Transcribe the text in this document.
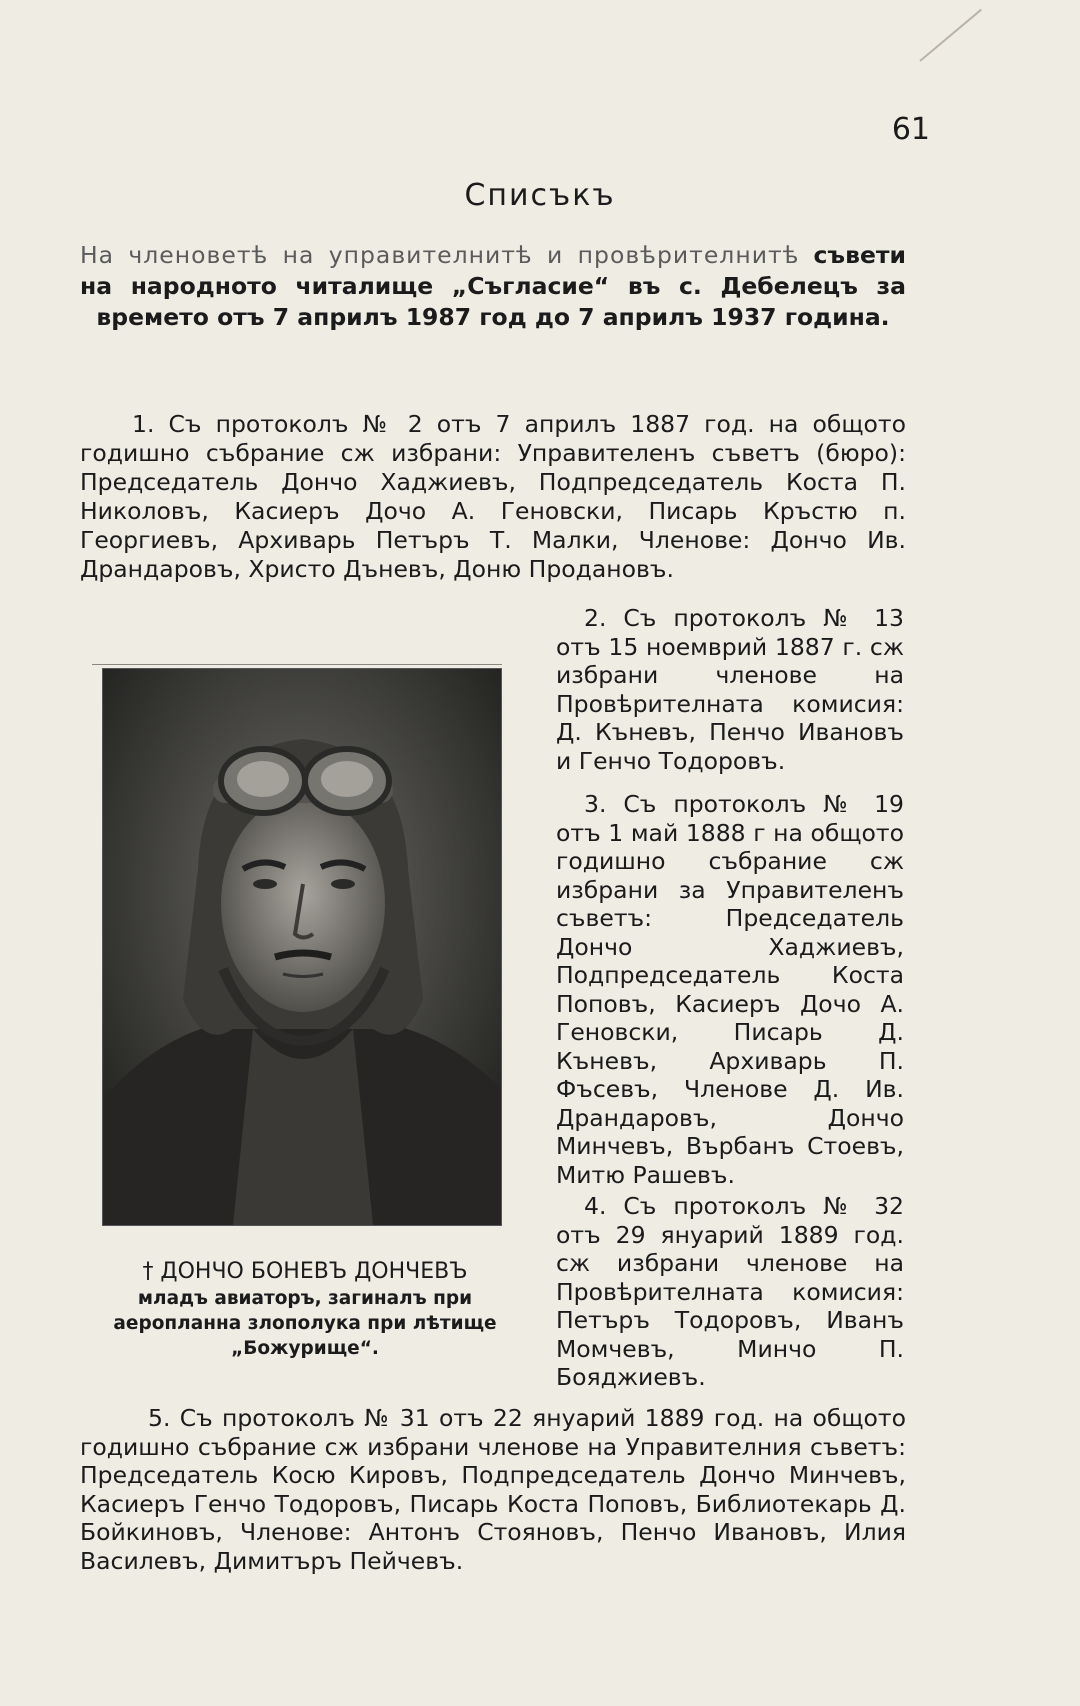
61
Списъкъ
На членоветѣ на управителнитѣ и провѣрителнитѣ съвети на народното читалище „Съгласие“ въ с. Дебелецъ за времето отъ 7 априлъ 1987 год до 7 априлъ 1937 година.
1. Съ протоколъ № 2 отъ 7 априлъ 1887 год. на общото годишно събрание сж избрани: Управителенъ съветъ (бюро): Председатель Дончо Хаджиевъ, Подпредседатель Коста П. Николовъ, Касиеръ Дочо А. Геновски, Писарь Кръстю п. Георгиевъ, Архиварь Петъръ Т. Малки, Членове: Дончо Ив. Драндаровъ, Христо Дъневъ, Доню Продановъ.
2. Съ протоколъ № 13 отъ 15 ноемврий 1887 г. сж избрани членове на Провѣрителната комисия: Д. Къневъ, Пенчо Ивановъ и Генчо Тодоровъ.
3. Съ протоколъ № 19 отъ 1 май 1888 г на общото годишно събрание сж избрани за Управителенъ съветъ: Председатель Дончо Хаджиевъ, Подпредседатель Коста Поповъ, Касиеръ Дочо А. Геновски, Писарь Д. Къневъ, Архиварь П. Фъсевъ, Членове Д. Ив. Драндаровъ, Дончо Минчевъ, Върбанъ Стоевъ, Митю Рашевъ.
4. Съ протоколъ № 32 отъ 29 януарий 1889 год. сж избрани членове на Провѣрителната комисия: Петъръ Тодоровъ, Иванъ Момчевъ, Минчо П. Бояджиевъ.
† ДОНЧО БОНЕВЪ ДОНЧЕВЪ
младъ авиаторъ, загиналъ при аеропланна злополука при лѣтище „Божурище“.
5. Съ протоколъ № 31 отъ 22 януарий 1889 год. на общото годишно събрание сж избрани членове на Управителния съветъ: Председатель Косю Кировъ, Подпредседатель Дончо Минчевъ, Касиеръ Генчо Тодоровъ, Писарь Коста Поповъ, Библиотекарь Д. Бойкиновъ, Членове: Антонъ Стояновъ, Пенчо Ивановъ, Илия Василевъ, Димитъръ Пейчевъ.
